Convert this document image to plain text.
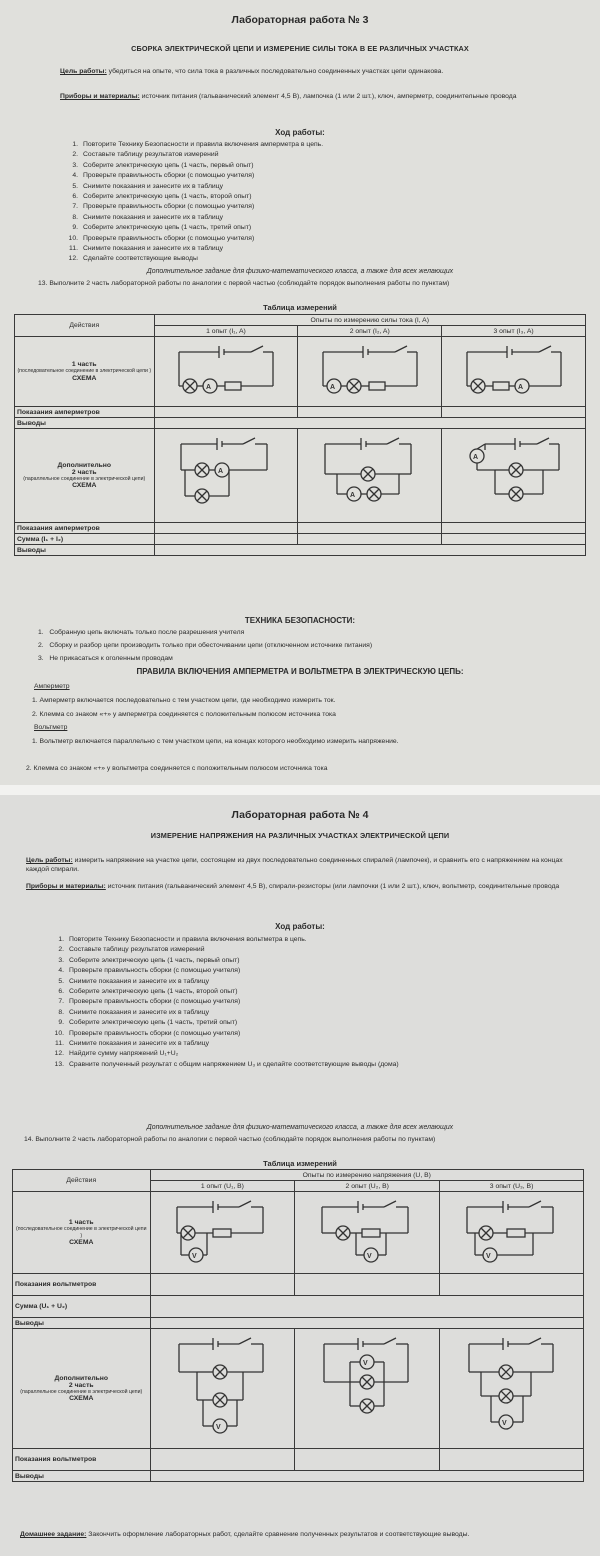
Лабораторная работа № 3
СБОРКА ЭЛЕКТРИЧЕСКОЙ ЦЕПИ И ИЗМЕРЕНИЕ СИЛЫ ТОКА В ЕЕ РАЗЛИЧНЫХ УЧАСТКАХ
Цель работы: убедиться на опыте, что сила тока в различных последовательно соединенных участках цепи одинакова.
Приборы и материалы: источник питания (гальванический элемент 4,5 В), лампочка (1 или 2 шт.), ключ, амперметр, соединительные провода
Ход работы:
1. Повторите Технику Безопасности и правила включения амперметра в цепь.
2. Составьте таблицу результатов измерений
3. Соберите электрическую цепь (1 часть, первый опыт)
4. Проверьте правильность сборки (с помощью учителя)
5. Снимите показания и занесите их в таблицу
6. Соберите электрическую цепь (1 часть, второй опыт)
7. Проверьте правильность сборки (с помощью учителя)
8. Снимите показания и занесите их в таблицу
9. Соберите электрическую цепь (1 часть, третий опыт)
10. Проверьте правильность сборки (с помощью учителя)
11. Снимите показания и занесите их в таблицу
12. Сделайте соответствующие выводы
Дополнительное задание для физико-математического класса, а также для всех желающих
13. Выполните 2 часть лабораторной работы по аналогии с первой частью (соблюдайте порядок выполнения работы по пунктам)
Таблица измерений
Действия	Опыты по измерению силы тока (I, A)		
	1 опыт (I₁, A)	2 опыт (I₂, A)	3 опыт (I₃, A)

1 часть
(последовательное соединение в электрической цепи )
СХЕМА	A	A	A

Показания амперметров			
Выводы			

Дополнительно
2 часть
(параллельное соединение в электрической цепи)
СХЕМА	A	A	A

Показания амперметров			
Сумма (I₁ + I₂)			
Выводы			
ТЕХНИКА БЕЗОПАСНОСТИ:
1. Собранную цепь включать только после разрешения учителя
2. Сборку и разбор цепи производить только при обесточивании цепи (отключенном источнике питания)
3. Не прикасаться к оголенным проводам
ПРАВИЛА ВКЛЮЧЕНИЯ АМПЕРМЕТРА И ВОЛЬТМЕТРА В ЭЛЕКТРИЧЕСКУЮ ЦЕПЬ:
Амперметр
1. Амперметр включается последовательно с тем участком цепи, где необходимо измерить ток.
2. Клемма со знаком «+» у амперметра соединяется с положительным полюсом источника тока
Вольтметр
1. Вольтметр включается параллельно с тем участком цепи, на концах которого необходимо измерить напряжение.
2. Клемма со знаком «+» у вольтметра соединяется с положительным полюсом источника тока
Лабораторная работа № 4
ИЗМЕРЕНИЕ НАПРЯЖЕНИЯ НА РАЗЛИЧНЫХ УЧАСТКАХ ЭЛЕКТРИЧЕСКОЙ ЦЕПИ
Цель работы: измерить напряжение на участке цепи, состоящем из двух последовательно соединенных спиралей (лампочек), и сравнить его с напряжением на концах каждой спирали.
Приборы и материалы: источник питания (гальванический элемент 4,5 В), спирали-резисторы (или лампочки (1 или 2 шт.), ключ, вольтметр, соединительные провода
Ход работы:
1. Повторите Технику Безопасности и правила включения вольтметра в цепь.
2. Составьте таблицу результатов измерений
3. Соберите электрическую цепь (1 часть, первый опыт)
4. Проверьте правильность сборки (с помощью учителя)
5. Снимите показания и занесите их в таблицу
6. Соберите электрическую цепь (1 часть, второй опыт)
7. Проверьте правильность сборки (с помощью учителя)
8. Снимите показания и занесите их в таблицу
9. Соберите электрическую цепь (1 часть, третий опыт)
10. Проверьте правильность сборки (с помощью учителя)
11. Снимите показания и занесите их в таблицу
12. Найдите сумму напряжений U₁+U₂
13. Сравните полученный результат с общим напряжением U₃ и сделайте соответствующие выводы (дома)
Дополнительное задание для физико-математического класса, а также для всех желающих
14. Выполните 2 часть лабораторной работы по аналогии с первой частью (соблюдайте порядок выполнения работы по пунктам)
Таблица измерений
Действия	Опыты по измерению напряжения (U, B)		
	1 опыт (U₁, B)	2 опыт (U₂, B)	3 опыт (U₃, B)

1 часть
(последовательное соединение в электрической цепи )
СХЕМА	V	V	V

Показания вольтметров			
Сумма (U₁ + U₂)			
Выводы			

Дополнительно
2 часть
(параллельное соединение в электрической цепи)
СХЕМА	V	V	V

Показания вольтметров			
Выводы			
Домашнее задание: Закончить оформление лабораторных работ, сделайте сравнение полученных результатов и соответствующие выводы.
